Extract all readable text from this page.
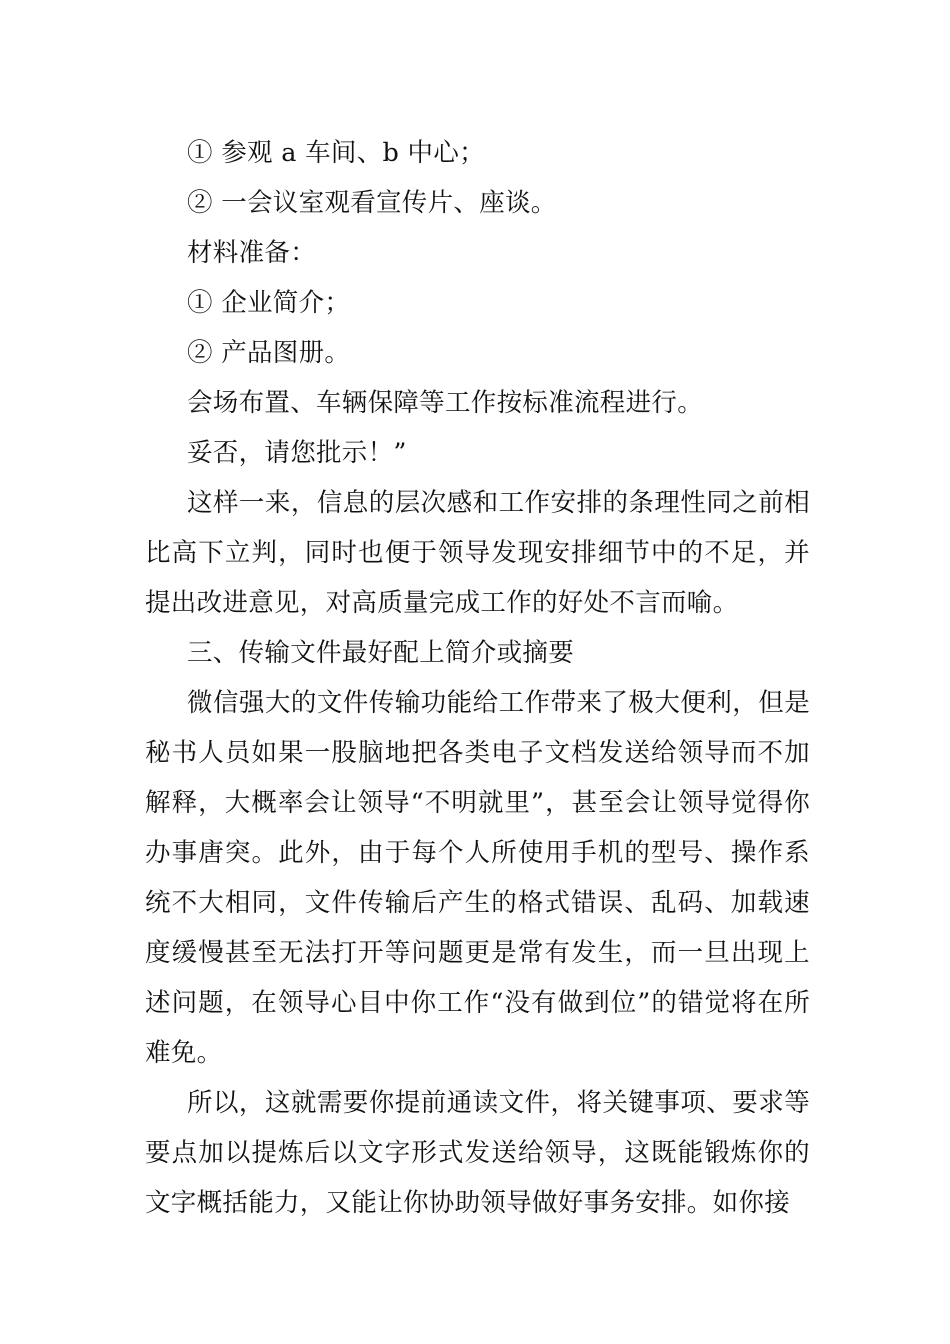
① 参观 a 车间、b 中心；

② 一会议室观看宣传片、座谈。

材料准备：

① 企业简介；

② 产品图册。

会场布置、车辆保障等工作按标准流程进行。

妥否，请您批示！”

这样一来，信息的层次感和工作安排的条理性同之前相比高下立判，同时也便于领导发现安排细节中的不足，并提出改进意见，对高质量完成工作的好处不言而喻。

三、传输文件最好配上简介或摘要

微信强大的文件传输功能给工作带来了极大便利，但是秘书人员如果一股脑地把各类电子文档发送给领导而不加解释，大概率会让领导“不明就里”，甚至会让领导觉得你办事唐突。此外，由于每个人所使用手机的型号、操作系统不大相同，文件传输后产生的格式错误、乱码、加载速度缓慢甚至无法打开等问题更是常有发生，而一旦出现上述问题，在领导心目中你工作“没有做到位”的错觉将在所难免。

所以，这就需要你提前通读文件，将关键事项、要求等要点加以提炼后以文字形式发送给领导，这既能锻炼你的文字概括能力，又能让你协助领导做好事务安排。如你接
